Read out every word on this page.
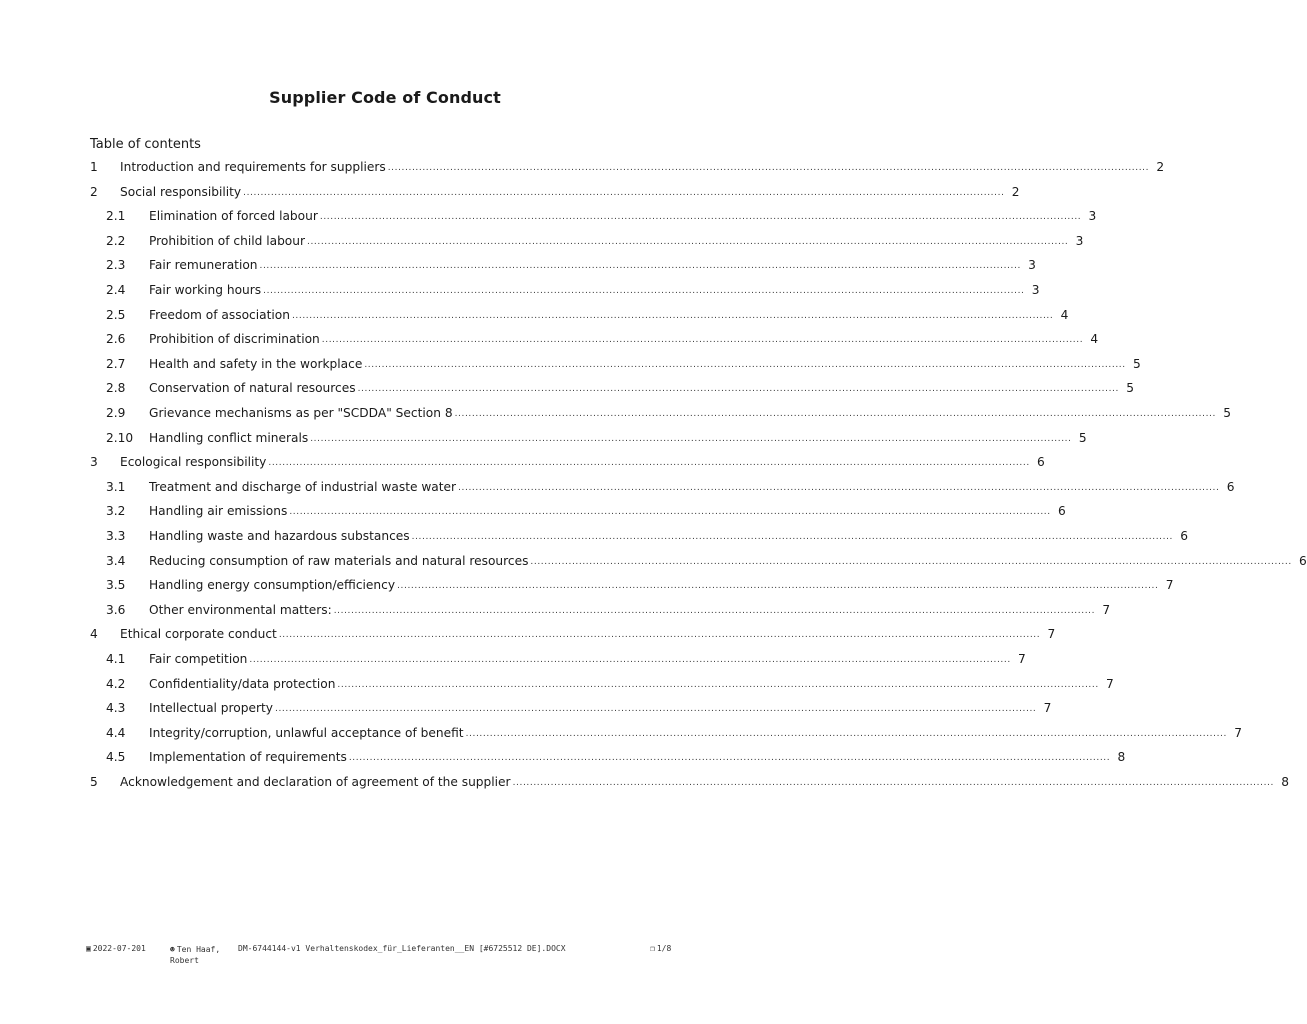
Supplier Code of Conduct
Table of contents
1	Introduction and requirements for suppliers ............................................................................................................................................................................................................................ 2
2	Social responsibility ............................................................................................................................................................................................................................ 2
2.1	Elimination of forced labour ............................................................................................................................................................................................................................ 3
2.2	Prohibition of child labour ............................................................................................................................................................................................................................ 3
2.3	Fair remuneration ............................................................................................................................................................................................................................ 3
2.4	Fair working hours ............................................................................................................................................................................................................................ 3
2.5	Freedom of association ............................................................................................................................................................................................................................ 4
2.6	Prohibition of discrimination ............................................................................................................................................................................................................................ 4
2.7	Health and safety in the workplace ............................................................................................................................................................................................................................ 5
2.8	Conservation of natural resources ............................................................................................................................................................................................................................ 5
2.9	Grievance mechanisms as per "SCDDA" Section 8 ............................................................................................................................................................................................................................ 5
2.10	Handling conflict minerals ............................................................................................................................................................................................................................ 5
3	Ecological responsibility ............................................................................................................................................................................................................................ 6
3.1	Treatment and discharge of industrial waste water ............................................................................................................................................................................................................................ 6
3.2	Handling air emissions ............................................................................................................................................................................................................................ 6
3.3	Handling waste and hazardous substances ............................................................................................................................................................................................................................ 6
3.4	Reducing consumption of raw materials and natural resources ............................................................................................................................................................................................................................ 6
3.5	Handling energy consumption/efficiency ............................................................................................................................................................................................................................ 7
3.6	Other environmental matters: ............................................................................................................................................................................................................................ 7
4	Ethical corporate conduct ............................................................................................................................................................................................................................ 7
4.1	Fair competition ............................................................................................................................................................................................................................ 7
4.2	Confidentiality/data protection ............................................................................................................................................................................................................................ 7
4.3	Intellectual property ............................................................................................................................................................................................................................ 7
4.4	Integrity/corruption, unlawful acceptance of benefit ............................................................................................................................................................................................................................ 7
4.5	Implementation of requirements ............................................................................................................................................................................................................................ 8
5	Acknowledgement and declaration of agreement of the supplier ............................................................................................................................................................................................................................ 8
▣ 2022-07-201	☻ Ten Haaf, Robert
DM-6744144-v1 Verhaltenskodex_für_Lieferanten__EN [#6725512 DE].DOCX	❐ 1/8
